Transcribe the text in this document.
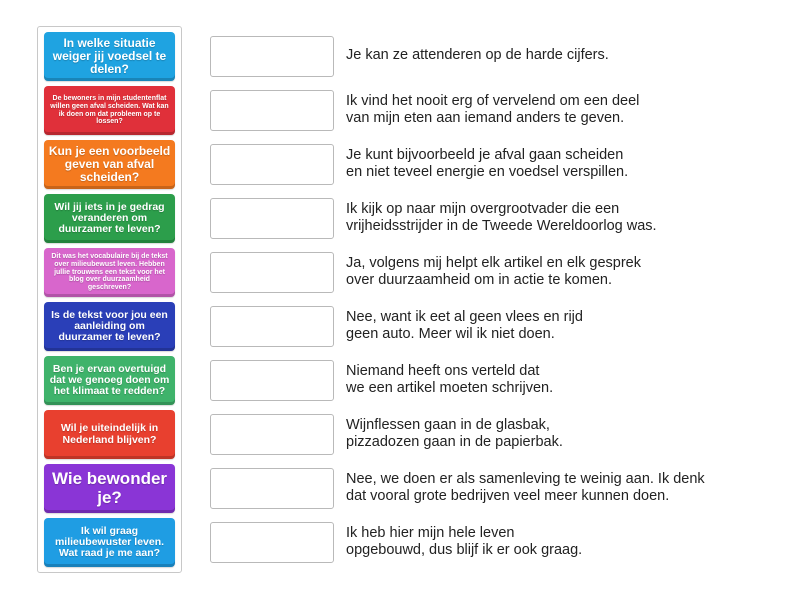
In welke situatie weiger jij voedsel te delen?
De bewoners in mijn studentenflat willen geen afval scheiden. Wat kan ik doen om dat probleem op te lossen?
Kun je een voorbeeld geven van afval scheiden?
Wil jij iets in je gedrag veranderen om duurzamer te leven?
Dit was het vocabulaire bij de tekst over milieubewust leven. Hebben jullie trouwens een tekst voor het blog over duurzaamheid geschreven?
Is de tekst voor jou een aanleiding om duurzamer te leven?
Ben je ervan overtuigd dat we genoeg doen om het klimaat te redden?
Wil je uiteindelijk in Nederland blijven?
Wie bewonder je?
Ik wil graag milieubewuster leven. Wat raad je me aan?
Je kan ze attenderen op de harde cijfers.
Ik vind het nooit erg of vervelend om een deel
van mijn eten aan iemand anders te geven.
Je kunt bijvoorbeeld je afval gaan scheiden
en niet teveel energie en voedsel verspillen.
Ik kijk op naar mijn overgrootvader die een
vrijheidsstrijder in de Tweede Wereldoorlog was.
Ja, volgens mij helpt elk artikel en elk gesprek
over duurzaamheid om in actie te komen.
Nee, want ik eet al geen vlees en rijd
geen auto. Meer wil ik niet doen.
Niemand heeft ons verteld dat
we een artikel moeten schrijven.
Wijnflessen gaan in de glasbak,
pizzadozen gaan in de papierbak.
Nee, we doen er als samenleving te weinig aan. Ik denk
dat vooral grote bedrijven veel meer kunnen doen.
Ik heb hier mijn hele leven
opgebouwd, dus blijf ik er ook graag.
